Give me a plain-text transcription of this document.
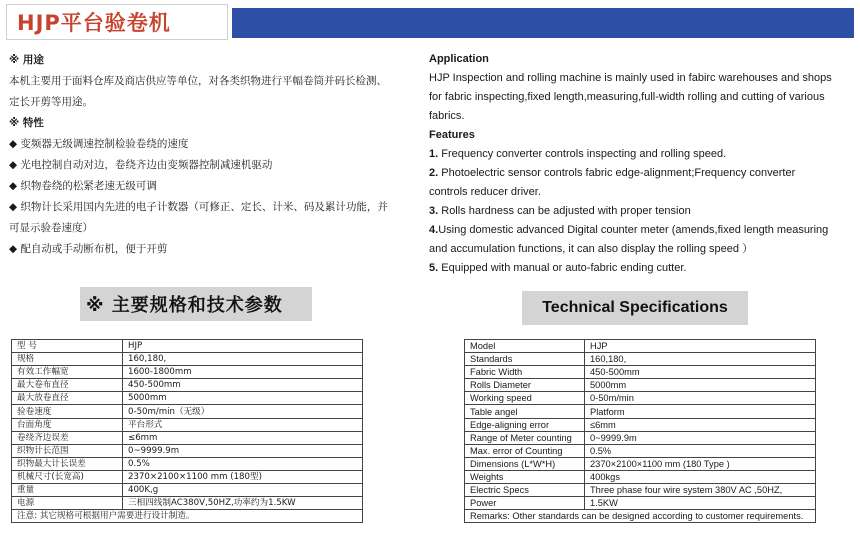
HJP平台验卷机
※ 用途
本机主要用于面料仓库及商店供应等单位，对各类织物进行平幅卷筒并码长检测、
定长开剪等用途。
※ 特性
◆ 变频器无级调速控制检验卷绕的速度
◆ 光电控制自动对边，卷绕齐边由变频器控制减速机驱动
◆ 织物卷绕的松紧老速无级可调
◆ 织物计长采用国内先进的电子计数器（可修正、定长、计米、码及累计功能，并
可显示验卷速度）
◆ 配自动或手动断布机，便于开剪
Application
HJP Inspection and rolling machine is mainly used in fabirc warehouses and shops
for fabric inspecting,fixed length,measuring,full-width rolling and cutting of various
fabrics.
Features
1. Frequency converter controls inspecting and rolling speed.
2. Photoelectric sensor controls fabric edge-alignment;Frequency converter
controls reducer driver.
3. Rolls hardness can be adjusted with proper tension
4.Using domestic advanced Digital counter meter (amends,fixed length measuring
and accumulation functions, it can also display the rolling speed ）
5. Equipped with manual or auto-fabric ending cutter.
※ 主要规格和技术参数	Technical Specifications
型 号	HJP
规格	160,180,
有效工作幅宽	1600-1800mm
最大卷布直径	450-500mm
最大放卷直径	5000mm
验卷速度	0-50m/min（无级）
台面角度	平台形式
卷绕齐边误差	≤6mm
织物计长范围	0~9999.9m
织物最大计长误差	0.5%
机械尺寸(长宽高)	2370×2100×1100 mm (180型)
重量	400K,g
电源	三相四线制AC380V,50HZ,功率约为1.5KW
注意: 其它规格可根据用户需要进行设计制造。	
Model	HJP
Standards	160,180,
Fabric Width	450-500mm
Rolls Diameter	5000mm
Working speed	0-50m/min
Table angel	Platform
Edge-aligning error	≤6mm
Range of Meter counting	0~9999.9m
Max. error of Counting	0.5%
Dimensions (L*W*H)	2370×2100×1100 mm (180 Type )
Weights	400kgs
Electric Specs	Three phase four wire system 380V AC ,50HZ,
Power	1.5KW
Remarks: Other standards can be designed according to customer requirements.	
